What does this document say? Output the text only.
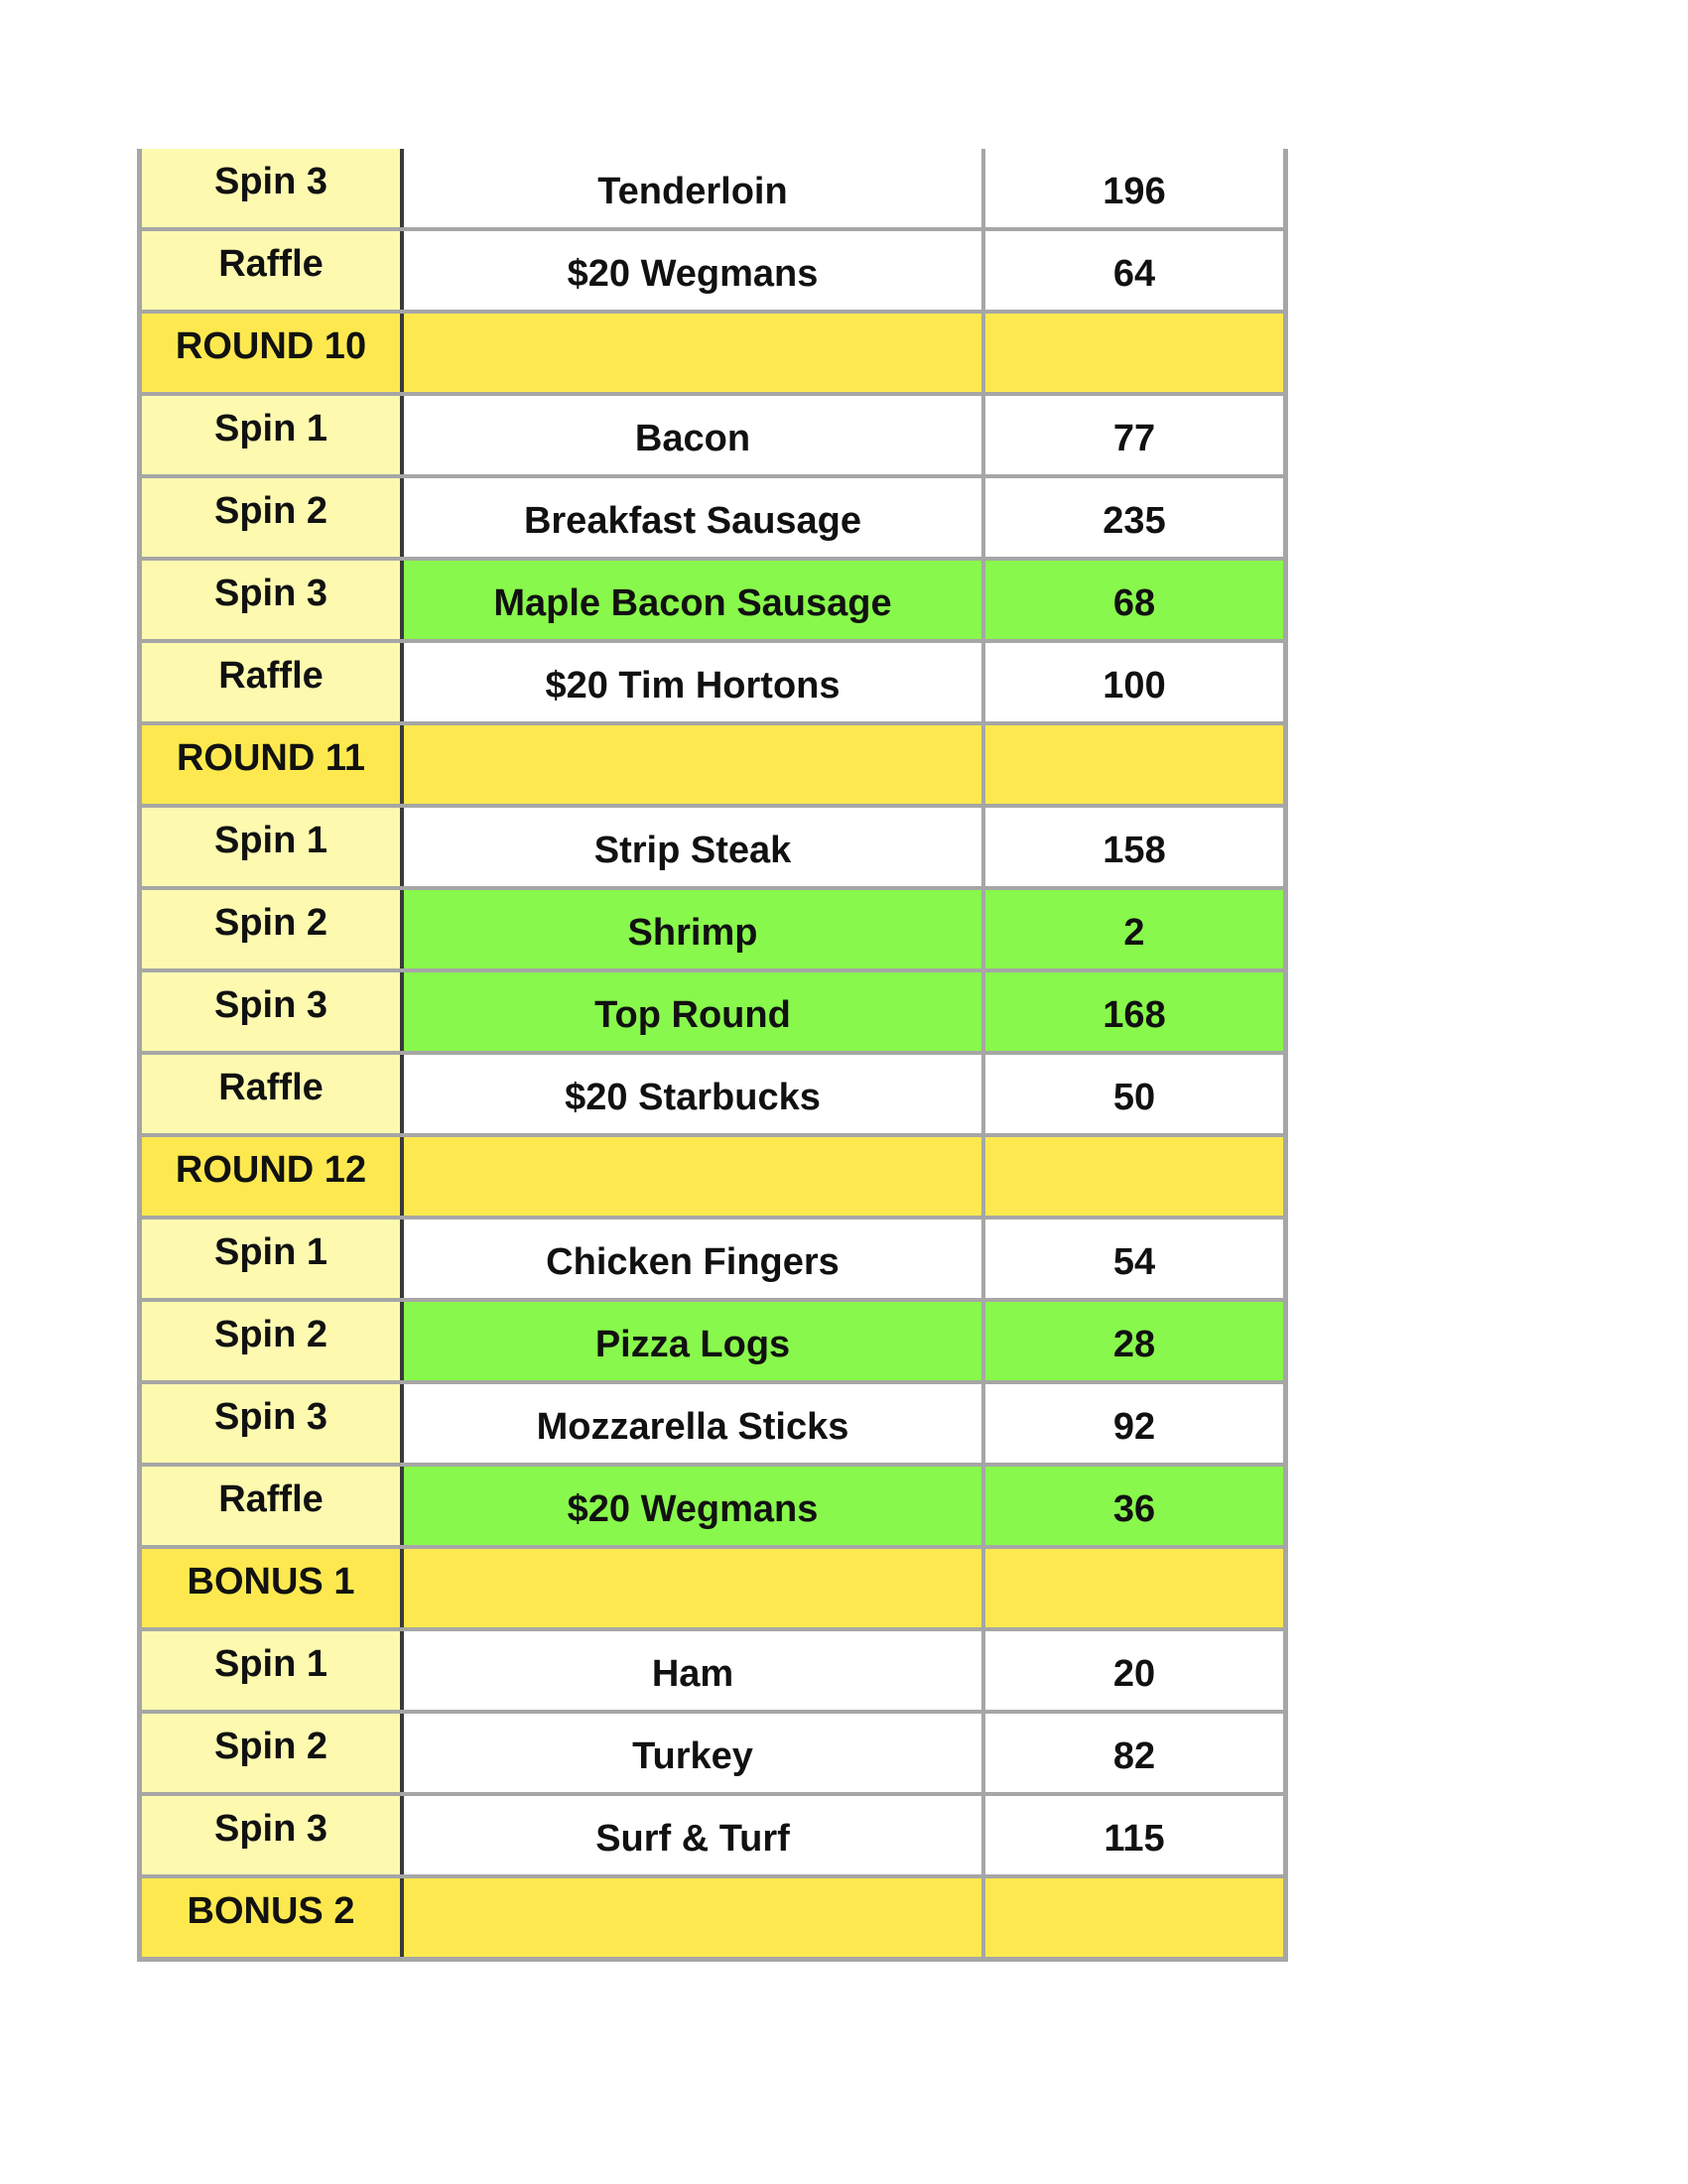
Spin 3	Tenderloin	196
Raffle	$20 Wegmans	64
ROUND 10
Spin 1	Bacon	77
Spin 2	Breakfast Sausage	235
Spin 3	Maple Bacon Sausage	68
Raffle	$20 Tim Hortons	100
ROUND 11
Spin 1	Strip Steak	158
Spin 2	Shrimp	2
Spin 3	Top Round	168
Raffle	$20 Starbucks	50
ROUND 12
Spin 1	Chicken Fingers	54
Spin 2	Pizza Logs	28
Spin 3	Mozzarella Sticks	92
Raffle	$20 Wegmans	36
BONUS 1
Spin 1	Ham	20
Spin 2	Turkey	82
Spin 3	Surf & Turf	115
BONUS 2
